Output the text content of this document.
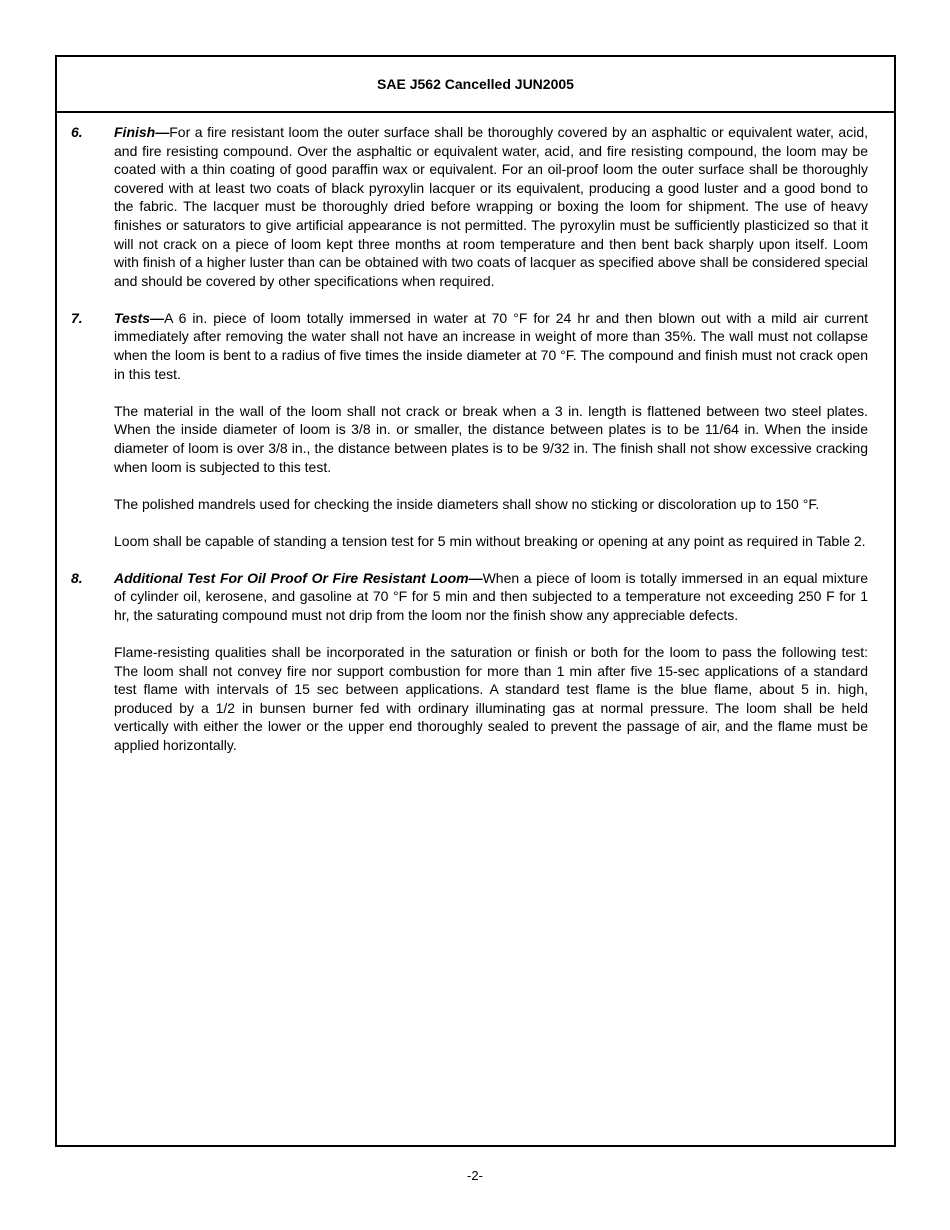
SAE J562 Cancelled JUN2005
6.	Finish—For a fire resistant loom the outer surface shall be thoroughly covered by an asphaltic or equivalent water, acid, and fire resisting compound. Over the asphaltic or equivalent water, acid, and fire resisting compound, the loom may be coated with a thin coating of good paraffin wax or equivalent. For an oil-proof loom the outer surface shall be thoroughly covered with at least two coats of black pyroxylin lacquer or its equivalent, producing a good luster and a good bond to the fabric. The lacquer must be thoroughly dried before wrapping or boxing the loom for shipment. The use of heavy finishes or saturators to give artificial appearance is not permitted. The pyroxylin must be sufficiently plasticized so that it will not crack on a piece of loom kept three months at room temperature and then bent back sharply upon itself. Loom with finish of a higher luster than can be obtained with two coats of lacquer as specified above shall be considered special and should be covered by other specifications when required.

7.	Tests—A 6 in. piece of loom totally immersed in water at 70 °F for 24 hr and then blown out with a mild air current immediately after removing the water shall not have an increase in weight of more than 35%. The wall must not collapse when the loom is bent to a radius of five times the inside diameter at 70 °F. The compound and finish must not crack open in this test.

The material in the wall of the loom shall not crack or break when a 3 in. length is flattened between two steel plates. When the inside diameter of loom is 3/8 in. or smaller, the distance between plates is to be 11/64 in. When the inside diameter of loom is over 3/8 in., the distance between plates is to be 9/32 in. The finish shall not show excessive cracking when loom is subjected to this test.

The polished mandrels used for checking the inside diameters shall show no sticking or discoloration up to 150 °F.

Loom shall be capable of standing a tension test for 5 min without breaking or opening at any point as required in Table 2.

8.	Additional Test For Oil Proof Or Fire Resistant Loom—When a piece of loom is totally immersed in an equal mixture of cylinder oil, kerosene, and gasoline at 70 °F for 5 min and then subjected to a temperature not exceeding 250 F for 1 hr, the saturating compound must not drip from the loom nor the finish show any appreciable defects.

Flame-resisting qualities shall be incorporated in the saturation or finish or both for the loom to pass the following test: The loom shall not convey fire nor support combustion for more than 1 min after five 15-sec applications of a standard test flame with intervals of 15 sec between applications. A standard test flame is the blue flame, about 5 in. high, produced by a 1/2 in bunsen burner fed with ordinary illuminating gas at normal pressure. The loom shall be held vertically with either the lower or the upper end thoroughly sealed to prevent the passage of air, and the flame must be applied horizontally.

-2-
